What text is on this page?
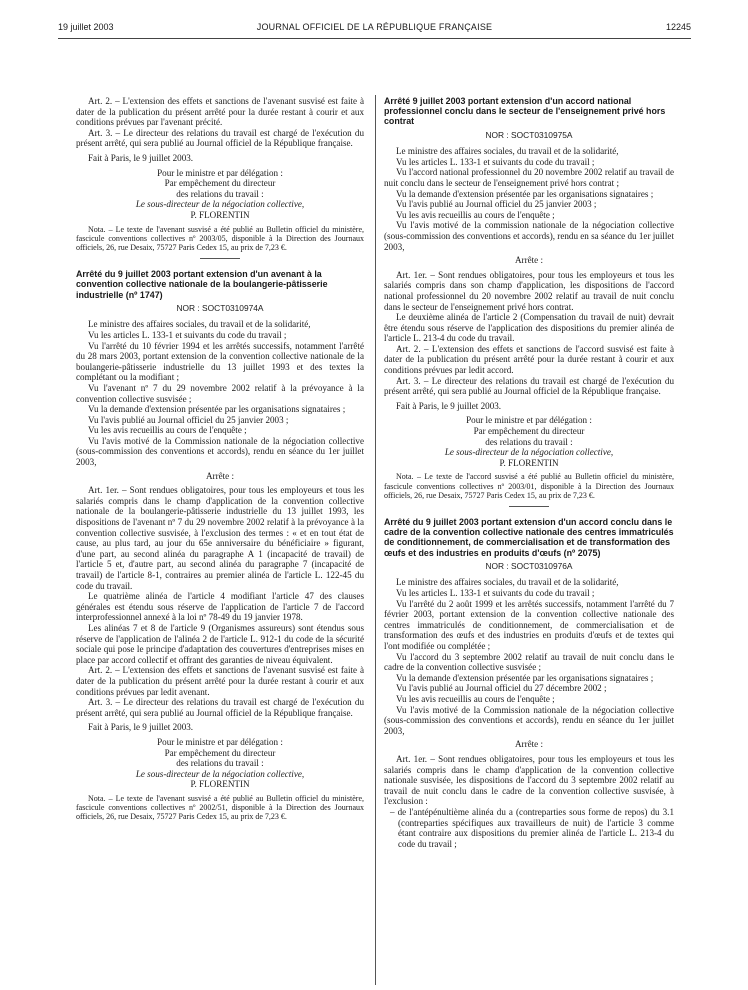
19 juillet 2003	JOURNAL OFFICIEL DE LA RÉPUBLIQUE FRANÇAISE	12245

Art. 2. – L'extension des effets et sanctions de l'avenant susvisé est faite à dater de la publication du présent arrêté pour la durée restant à courir et aux conditions prévues par l'avenant précité.

Art. 3. – Le directeur des relations du travail est chargé de l'exécution du présent arrêté, qui sera publié au Journal officiel de la République française.

Fait à Paris, le 9 juillet 2003.

Pour le ministre et par délégation :

Par empêchement du directeur

des relations du travail :

Le sous-directeur de la négociation collective,

P. FLORENTIN

Nota. – Le texte de l'avenant susvisé a été publié au Bulletin officiel du ministère, fascicule conventions collectives nº 2003/05, disponible à la Direction des Journaux officiels, 26, rue Desaix, 75727 Paris Cedex 15, au prix de 7,23 €.

Arrêté du 9 juillet 2003 portant extension d'un avenant à la convention collective nationale de la boulangerie-pâtisserie industrielle (nº 1747)

NOR : SOCT0310974A

Le ministre des affaires sociales, du travail et de la solidarité,

Vu les articles L. 133-1 et suivants du code du travail ;

Vu l'arrêté du 10 février 1994 et les arrêtés successifs, notamment l'arrêté du 28 mars 2003, portant extension de la convention collective nationale de la boulangerie-pâtisserie industrielle du 13 juillet 1993 et des textes la complétant ou la modifiant ;

Vu l'avenant nº 7 du 29 novembre 2002 relatif à la prévoyance à la convention collective susvisée ;

Vu la demande d'extension présentée par les organisations signataires ;

Vu l'avis publié au Journal officiel du 25 janvier 2003 ;

Vu les avis recueillis au cours de l'enquête ;

Vu l'avis motivé de la Commission nationale de la négociation collective (sous-commission des conventions et accords), rendu en séance du 1er juillet 2003,

Arrête :

Art. 1er. – Sont rendues obligatoires, pour tous les employeurs et tous les salariés compris dans le champ d'application de la convention collective nationale de la boulangerie-pâtisserie industrielle du 13 juillet 1993, les dispositions de l'avenant nº 7 du 29 novembre 2002 relatif à la prévoyance à la convention collective susvisée, à l'exclusion des termes : « et en tout état de cause, au plus tard, au jour du 65e anniversaire du bénéficiaire » figurant, d'une part, au second alinéa du paragraphe A 1 (incapacité de travail) de l'article 5 et, d'autre part, au second alinéa du paragraphe 7 (incapacité de travail) de l'article 8-1, contraires au premier alinéa de l'article L. 122-45 du code du travail.

Le quatrième alinéa de l'article 4 modifiant l'article 47 des clauses générales est étendu sous réserve de l'application de l'article 7 de l'accord interprofessionnel annexé à la loi nº 78-49 du 19 janvier 1978.

Les alinéas 7 et 8 de l'article 9 (Organismes assureurs) sont étendus sous réserve de l'application de l'alinéa 2 de l'article L. 912-1 du code de la sécurité sociale qui pose le principe d'adaptation des couvertures d'entreprises mises en place par accord collectif et offrant des garanties de niveau équivalent.

Art. 2. – L'extension des effets et sanctions de l'avenant susvisé est faite à dater de la publication du présent arrêté pour la durée restant à courir et aux conditions prévues par ledit avenant.

Art. 3. – Le directeur des relations du travail est chargé de l'exécution du présent arrêté, qui sera publié au Journal officiel de la République française.

Fait à Paris, le 9 juillet 2003.

Pour le ministre et par délégation :

Par empêchement du directeur

des relations du travail :

Le sous-directeur de la négociation collective,

P. FLORENTIN

Nota. – Le texte de l'avenant susvisé a été publié au Bulletin officiel du ministère, fascicule conventions collectives nº 2002/51, disponible à la Direction des Journaux officiels, 26, rue Desaix, 75727 Paris Cedex 15, au prix de 7,23 €.

Arrêté 9 juillet 2003 portant extension d'un accord national professionnel conclu dans le secteur de l'enseignement privé hors contrat

NOR : SOCT0310975A

Le ministre des affaires sociales, du travail et de la solidarité,

Vu les articles L. 133-1 et suivants du code du travail ;

Vu l'accord national professionnel du 20 novembre 2002 relatif au travail de nuit conclu dans le secteur de l'enseignement privé hors contrat ;

Vu la demande d'extension présentée par les organisations signataires ;

Vu l'avis publié au Journal officiel du 25 janvier 2003 ;

Vu les avis recueillis au cours de l'enquête ;

Vu l'avis motivé de la commission nationale de la négociation collective (sous-commission des conventions et accords), rendu en sa séance du 1er juillet 2003,

Arrête :

Art. 1er. – Sont rendues obligatoires, pour tous les employeurs et tous les salariés compris dans son champ d'application, les dispositions de l'accord national professionnel du 20 novembre 2002 relatif au travail de nuit conclu dans le secteur de l'enseignement privé hors contrat.

Le deuxième alinéa de l'article 2 (Compensation du travail de nuit) devrait être étendu sous réserve de l'application des dispositions du premier alinéa de l'article L. 213-4 du code du travail.

Art. 2. – L'extension des effets et sanctions de l'accord susvisé est faite à dater de la publication du présent arrêté pour la durée restant à courir et aux conditions prévues par ledit accord.

Art. 3. – Le directeur des relations du travail est chargé de l'exécution du présent arrêté, qui sera publié au Journal officiel de la République française.

Fait à Paris, le 9 juillet 2003.

Pour le ministre et par délégation :

Par empêchement du directeur

des relations du travail :

Le sous-directeur de la négociation collective,

P. FLORENTIN

Nota. – Le texte de l'accord susvisé a été publié au Bulletin officiel du ministère, fascicule conventions collectives nº 2003/01, disponible à la Direction des Journaux officiels, 26, rue Desaix, 75727 Paris Cedex 15, au prix de 7,23 €.

Arrêté du 9 juillet 2003 portant extension d'un accord conclu dans le cadre de la convention collective nationale des centres immatriculés de conditionnement, de commercialisation et de transformation des œufs et des industries en produits d'œufs (nº 2075)

NOR : SOCT0310976A

Le ministre des affaires sociales, du travail et de la solidarité,

Vu les articles L. 133-1 et suivants du code du travail ;

Vu l'arrêté du 2 août 1999 et les arrêtés successifs, notamment l'arrêté du 7 février 2003, portant extension de la convention collective nationale des centres immatriculés de conditionnement, de commercialisation et de transformation des œufs et des industries en produits d'œufs et de textes qui l'ont modifiée ou complétée ;

Vu l'accord du 3 septembre 2002 relatif au travail de nuit conclu dans le cadre de la convention collective susvisée ;

Vu la demande d'extension présentée par les organisations signataires ;

Vu l'avis publié au Journal officiel du 27 décembre 2002 ;

Vu les avis recueillis au cours de l'enquête ;

Vu l'avis motivé de la Commission nationale de la négociation collective (sous-commission des conventions et accords), rendu en séance du 1er juillet 2003,

Arrête :

Art. 1er. – Sont rendues obligatoires, pour tous les employeurs et tous les salariés compris dans le champ d'application de la convention collective nationale susvisée, les dispositions de l'accord du 3 septembre 2002 relatif au travail de nuit conclu dans le cadre de la convention collective susvisée, à l'exclusion :

– de l'antépénultième alinéa du a (contreparties sous forme de repos) du 3.1 (contreparties spécifiques aux travailleurs de nuit) de l'article 3 comme étant contraire aux dispositions du premier alinéa de l'article L. 213-4 du code du travail ;
